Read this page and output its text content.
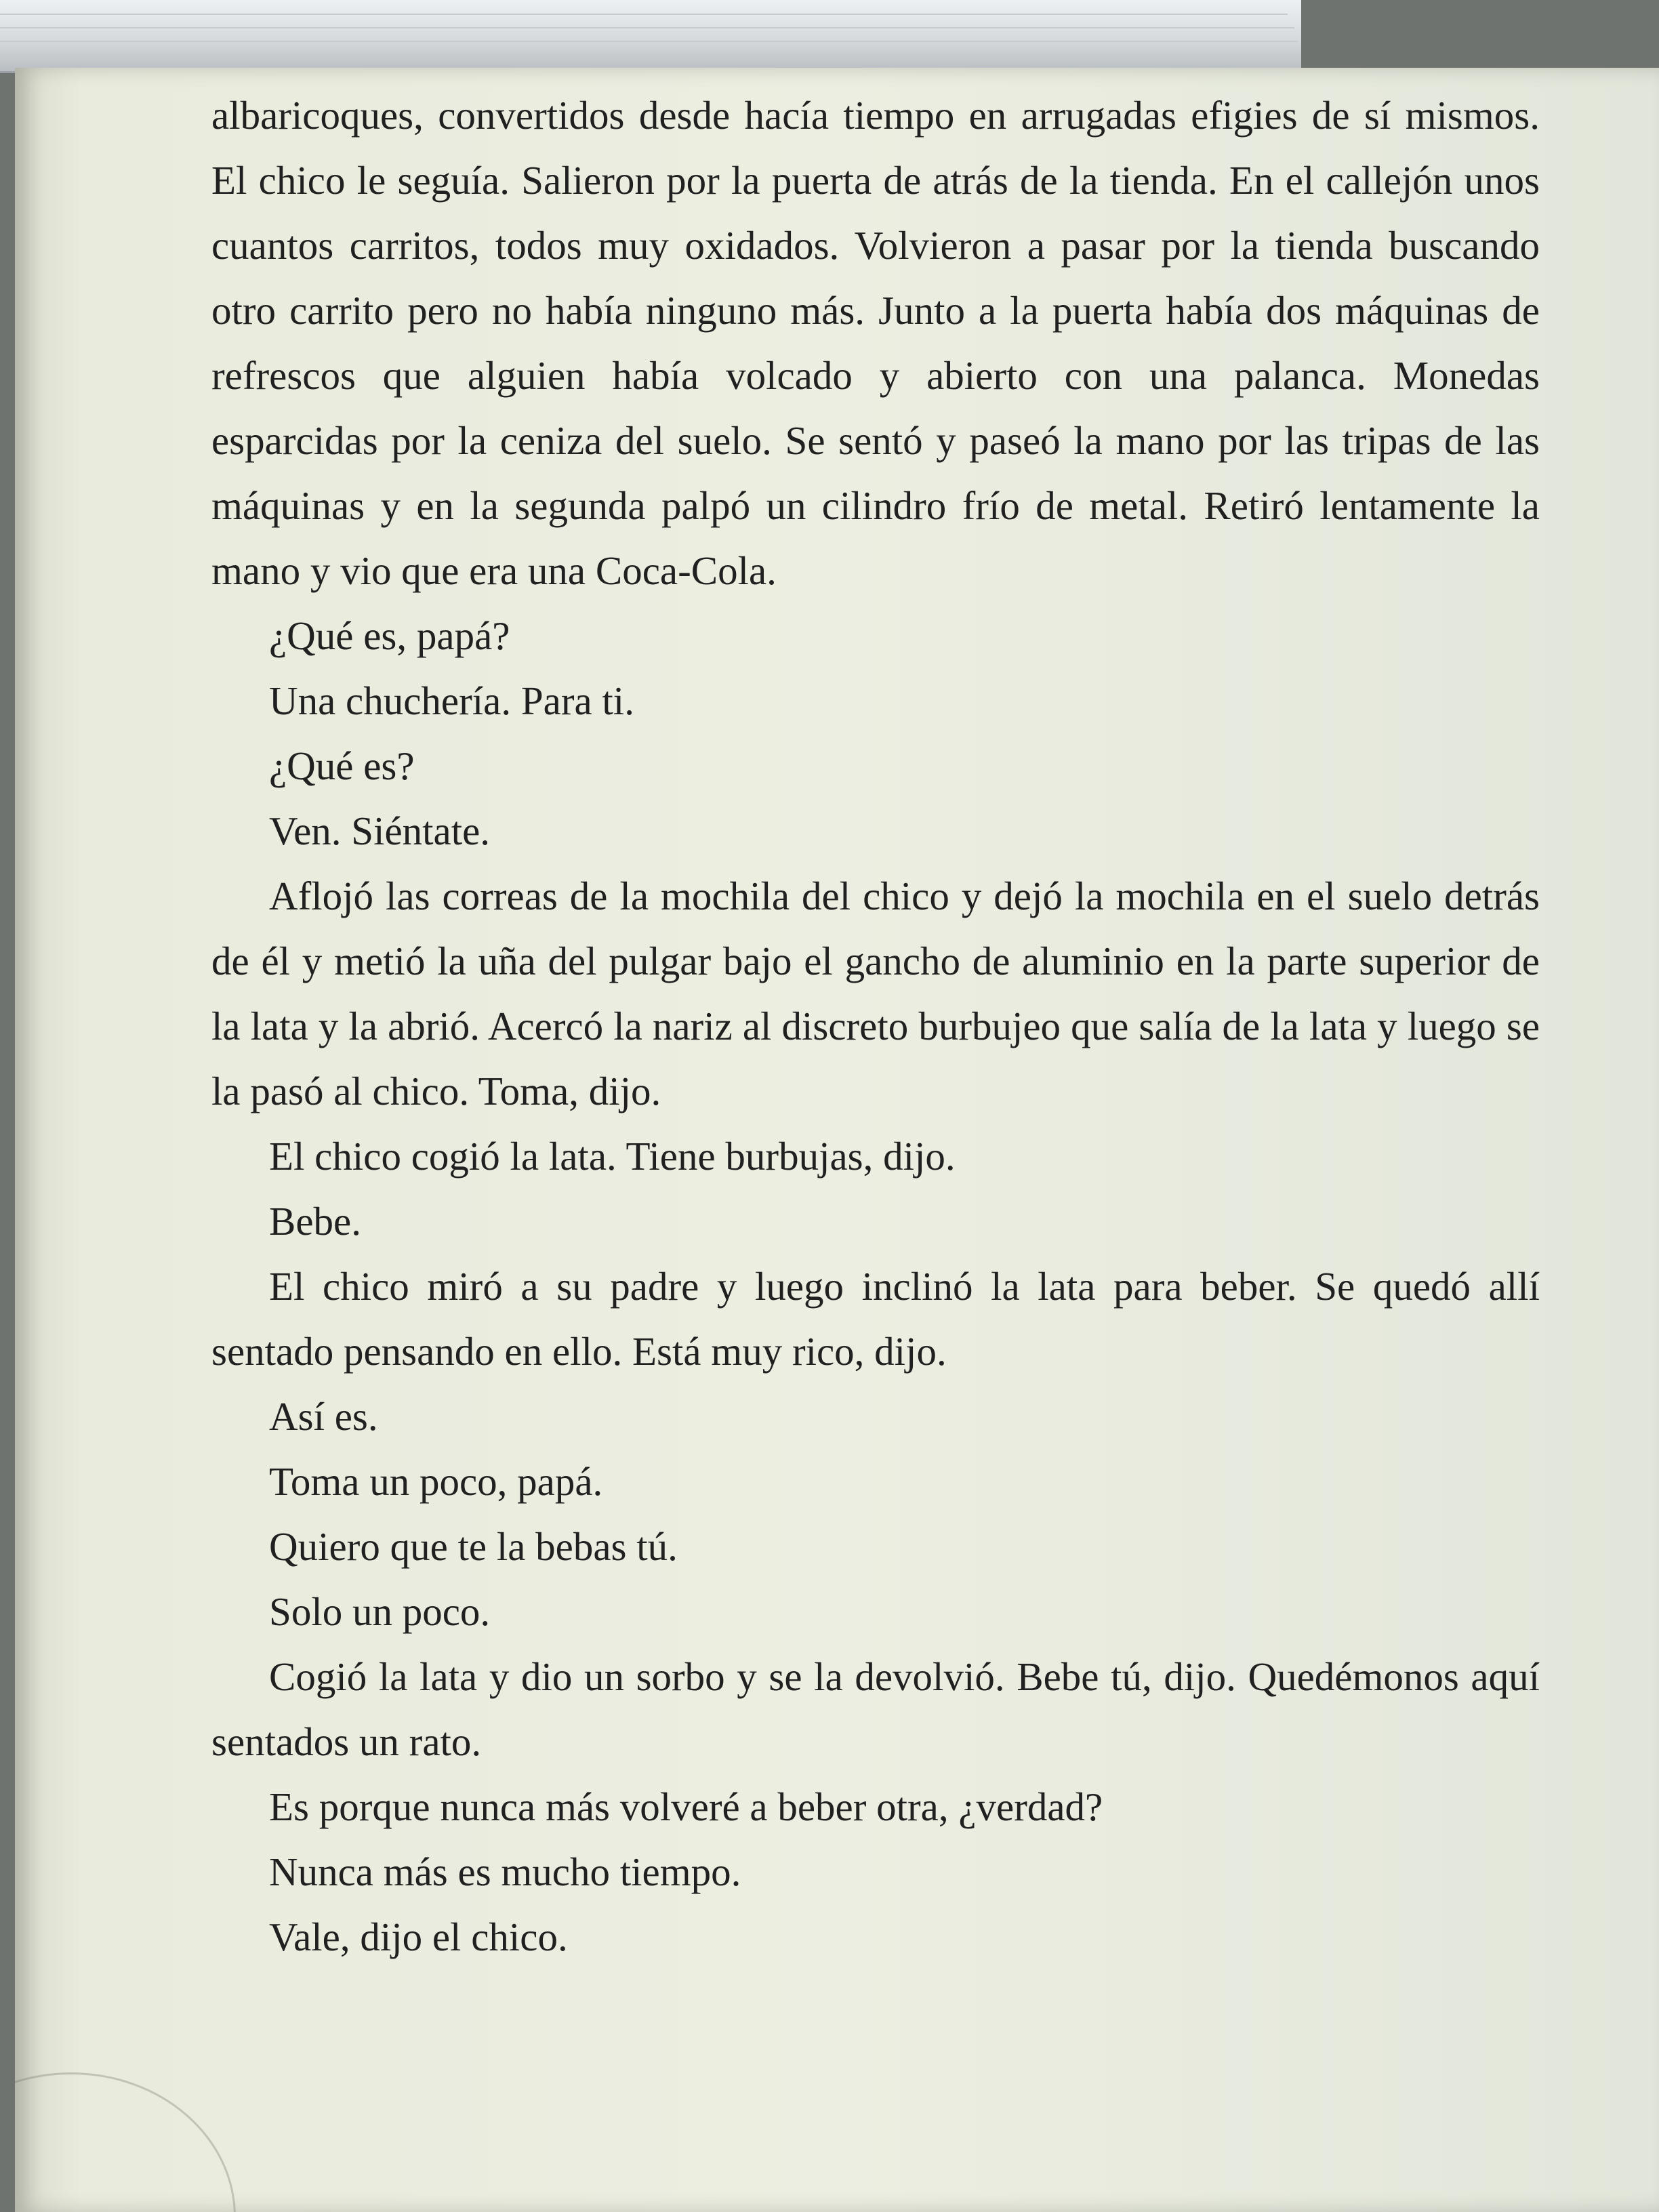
albaricoques, convertidos desde hacía tiempo en arrugadas efigies de sí mismos. El chico le seguía. Salieron por la puerta de atrás de la tienda. En el callejón unos cuantos carritos, todos muy oxidados. Volvieron a pasar por la tienda buscando otro carrito pero no había ninguno más. Junto a la puerta había dos máquinas de refrescos que alguien había volcado y abierto con una palanca. Monedas esparcidas por la ceniza del suelo. Se sentó y paseó la mano por las tripas de las máquinas y en la segunda palpó un cilindro frío de metal. Retiró lentamente la mano y vio que era una Coca-Cola.

¿Qué es, papá?

Una chuchería. Para ti.

¿Qué es?

Ven. Siéntate.

Aflojó las correas de la mochila del chico y dejó la mochila en el suelo detrás de él y metió la uña del pulgar bajo el gancho de aluminio en la parte superior de la lata y la abrió. Acercó la nariz al discreto burbujeo que salía de la lata y luego se la pasó al chico. Toma, dijo.

El chico cogió la lata. Tiene burbujas, dijo.

Bebe.

El chico miró a su padre y luego inclinó la lata para beber. Se quedó allí sentado pensando en ello. Está muy rico, dijo.

Así es.

Toma un poco, papá.

Quiero que te la bebas tú.

Solo un poco.

Cogió la lata y dio un sorbo y se la devolvió. Bebe tú, dijo. Quedémonos aquí sentados un rato.

Es porque nunca más volveré a beber otra, ¿verdad?

Nunca más es mucho tiempo.

Vale, dijo el chico.
